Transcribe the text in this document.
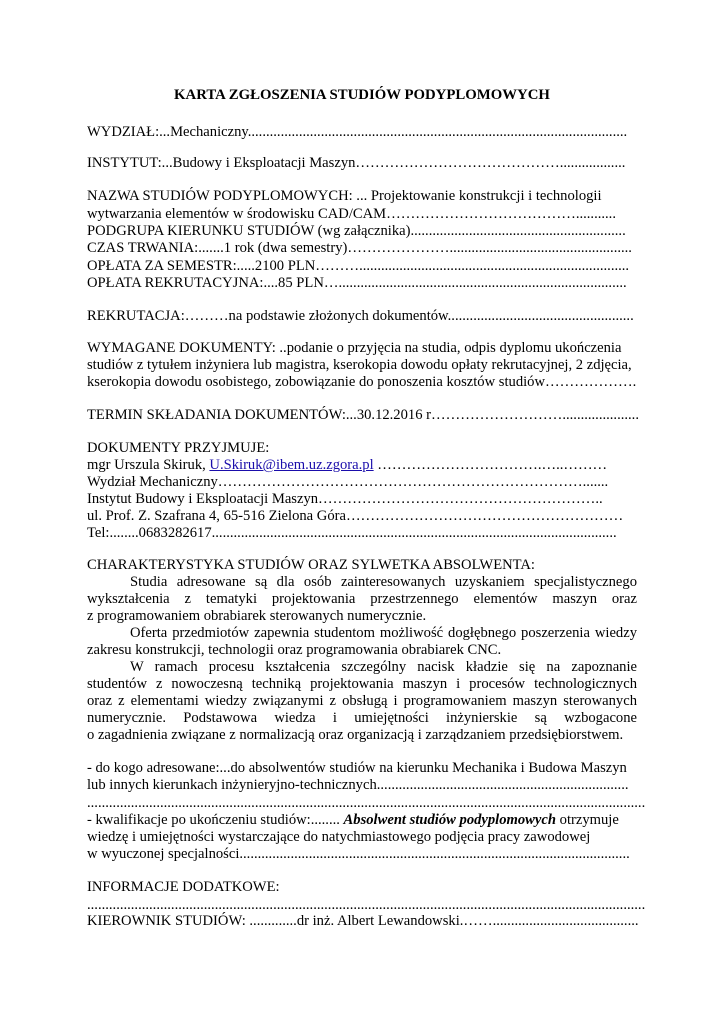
KARTA ZGŁOSZENIA STUDIÓW PODYPLOMOWYCH
WYDZIAŁ:...Mechaniczny........................................................................................................
INSTYTUT:...Budowy i Eksploatacji Maszyn……………………………………..................
NAZWA STUDIÓW PODYPLOMOWYCH: ... Projektowanie konstrukcji i technologii
wytwarzania elementów w środowisku CAD/CAM…………………………………...........
PODGRUPA KIERUNKU STUDIÓW (wg załącznika)...........................................................
CZAS TRWANIA:.......1 rok (dwa semestry)…………………..................................................
OPŁATA ZA SEMESTR:.....2100 PLN………..........................................................................
OPŁATA REKRUTACYJNA:....85 PLN…...............................................................................
REKRUTACJA:………na podstawie złożonych dokumentów...................................................
WYMAGANE DOKUMENTY: ..podanie o przyjęcia na studia, odpis dyplomu ukończenia
studiów z tytułem inżyniera lub magistra, kserokopia dowodu opłaty rekrutacyjnej, 2 zdjęcia,
kserokopia dowodu osobistego, zobowiązanie do ponoszenia kosztów studiów……………….
TERMIN SKŁADANIA DOKUMENTÓW:...30.12.2016 r……………………….....................
DOKUMENTY PRZYJMUJE:
mgr Urszula Skiruk, U.Skiruk@ibem.uz.zgora.pl …………………………….…..………
Wydział Mechaniczny………………………………………………………………….......
Instytut Budowy i Eksploatacji Maszyn…………………………………………………..
ul. Prof. Z. Szafrana 4, 65-516 Zielona Góra…………………………………………………
Tel:........0683282617...............................................................................................................
CHARAKTERYSTYKA STUDIÓW ORAZ SYLWETKA ABSOLWENTA:
Studia adresowane są dla osób zainteresowanych uzyskaniem specjalistycznego
wykształcenia z tematyki projektowania przestrzennego elementów maszyn oraz
z programowaniem obrabiarek sterowanych numerycznie.
Oferta przedmiotów zapewnia studentom możliwość dogłębnego poszerzenia wiedzy
zakresu konstrukcji, technologii oraz programowania obrabiarek CNC.
W ramach procesu kształcenia szczególny nacisk kładzie się na zapoznanie
studentów z nowoczesną techniką projektowania maszyn i procesów technologicznych
oraz z elementami wiedzy związanymi z obsługą i programowaniem maszyn sterowanych
numerycznie. Podstawowa wiedza i umiejętności inżynierskie są wzbogacone
o zagadnienia związane z normalizacją oraz organizacją i zarządzaniem przedsiębiorstwem.
- do kogo adresowane:...do absolwentów studiów na kierunku Mechanika i Budowa Maszyn
lub innych kierunkach inżynieryjno-technicznych.....................................................................
.........................................................................................................................................................
- kwalifikacje po ukończeniu studiów:........ Absolwent studiów podyplomowych otrzymuje
wiedzę i umiejętności wystarczające do natychmiastowego podjęcia pracy zawodowej
w wyuczonej specjalności...........................................................................................................
INFORMACJE DODATKOWE:
.........................................................................................................................................................
KIEROWNIK STUDIÓW: .............dr inż. Albert Lewandowski.……........................................
